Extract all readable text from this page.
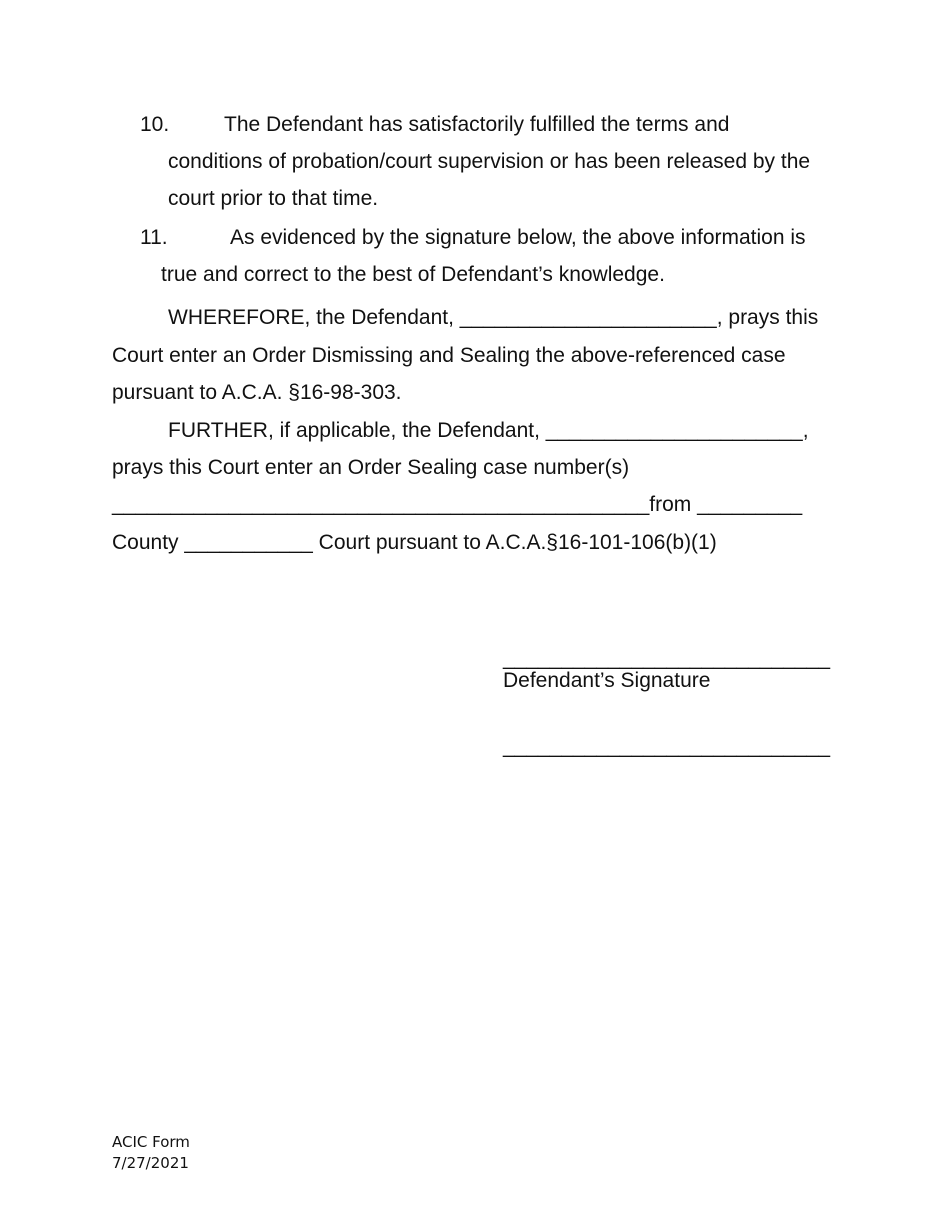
10.	The Defendant has satisfactorily fulfilled the terms and
conditions of probation/court supervision or has been released by the
court prior to that time.
11.	As evidenced by the signature below, the above information is
true and correct to the best of Defendant’s knowledge.
WHEREFORE, the Defendant, ______________________, prays this
Court enter an Order Dismissing and Sealing the above-referenced case
pursuant to A.C.A. §16-98-303.
FURTHER, if applicable, the Defendant, ______________________,
prays this Court enter an Order Sealing case number(s)
______________________________________________from _________
County ___________ Court pursuant to A.C.A.§16-101-106(b)(1)
____________________________
Defendant’s Signature
____________________________
ACIC Form
7/27/2021
